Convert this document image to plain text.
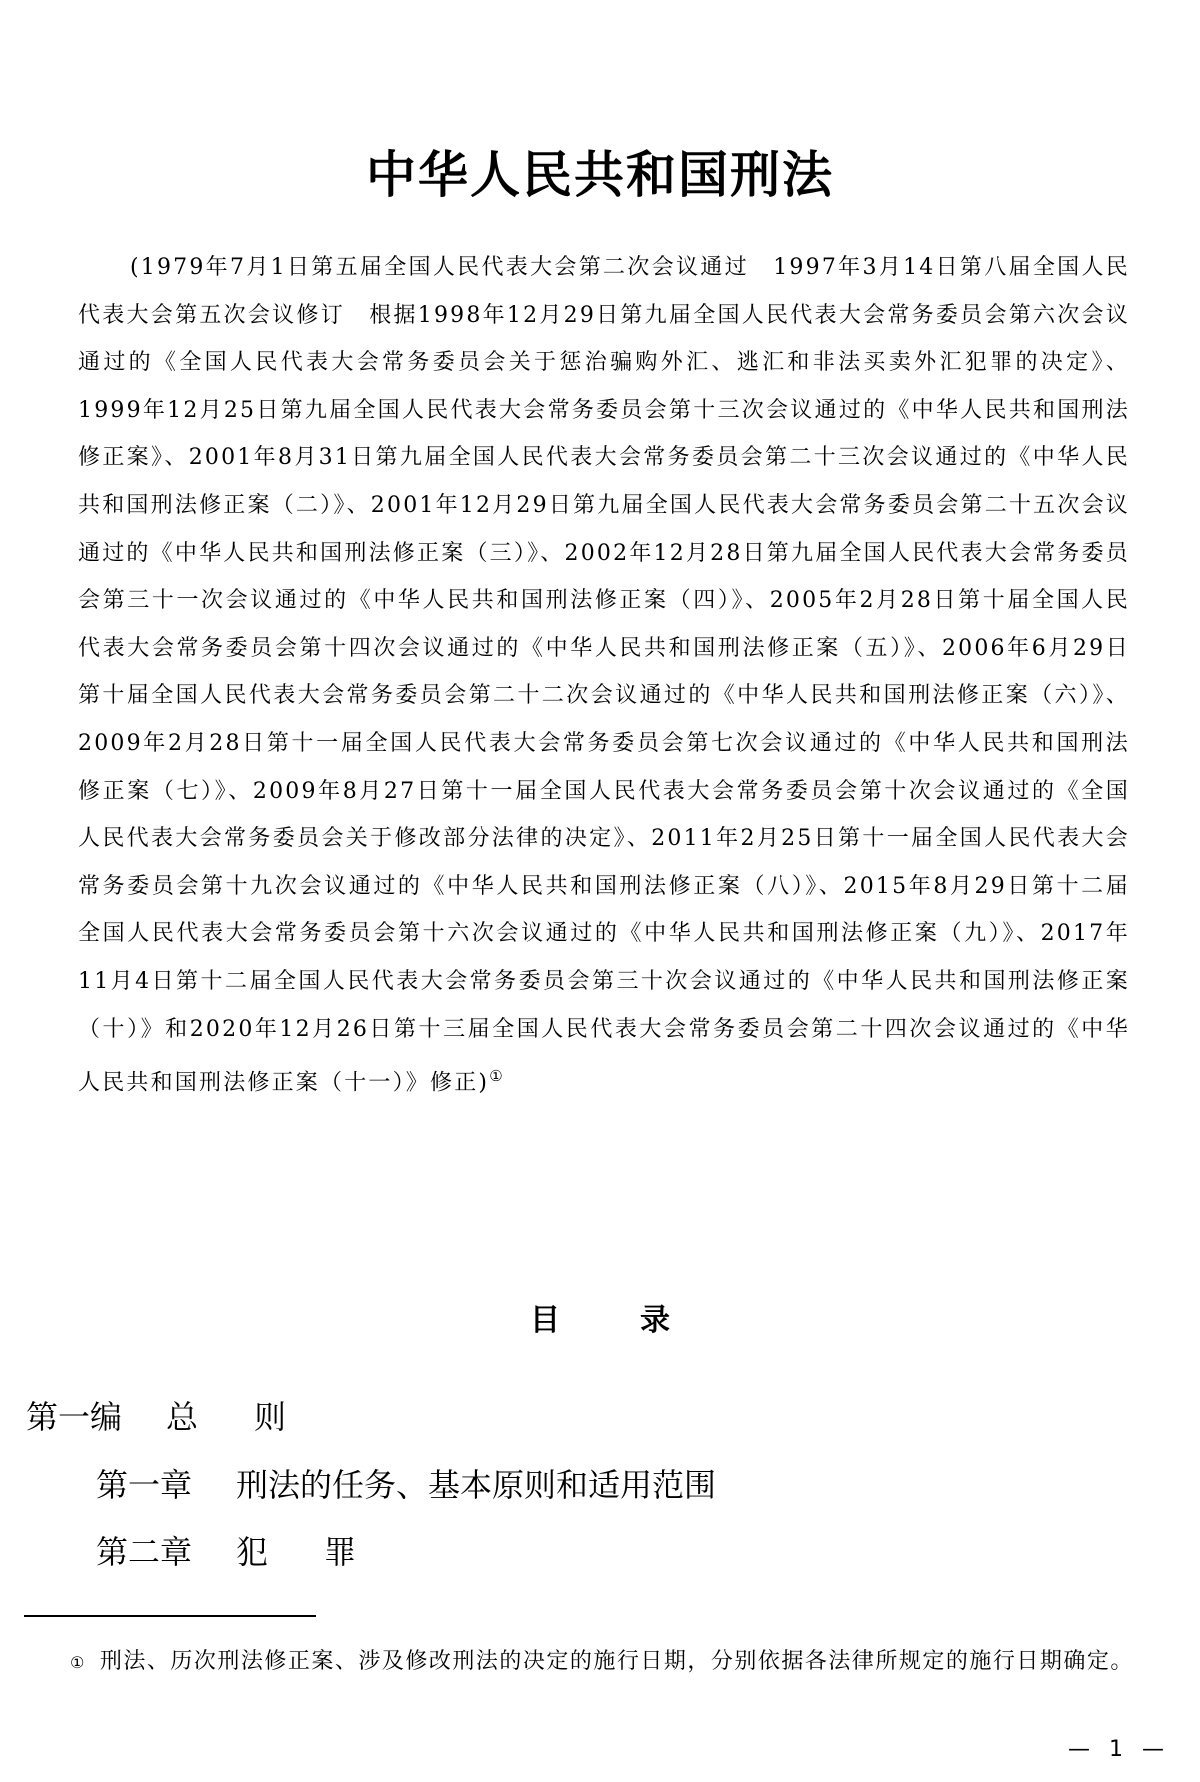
中华人民共和国刑法

(1979年7月1日第五届全国人民代表大会第二次会议通过　1997年3月14日第八届全国人民代表大会第五次会议修订　根据1998年12月29日第九届全国人民代表大会常务委员会第六次会议通过的《全国人民代表大会常务委员会关于惩治骗购外汇、逃汇和非法买卖外汇犯罪的决定》、1999年12月25日第九届全国人民代表大会常务委员会第十三次会议通过的《中华人民共和国刑法修正案》、2001年8月31日第九届全国人民代表大会常务委员会第二十三次会议通过的《中华人民共和国刑法修正案（二）》、2001年12月29日第九届全国人民代表大会常务委员会第二十五次会议通过的《中华人民共和国刑法修正案（三）》、2002年12月28日第九届全国人民代表大会常务委员会第三十一次会议通过的《中华人民共和国刑法修正案（四）》、2005年2月28日第十届全国人民代表大会常务委员会第十四次会议通过的《中华人民共和国刑法修正案（五）》、2006年6月29日第十届全国人民代表大会常务委员会第二十二次会议通过的《中华人民共和国刑法修正案（六）》、2009年2月28日第十一届全国人民代表大会常务委员会第七次会议通过的《中华人民共和国刑法修正案（七）》、2009年8月27日第十一届全国人民代表大会常务委员会第十次会议通过的《全国人民代表大会常务委员会关于修改部分法律的决定》、2011年2月25日第十一届全国人民代表大会常务委员会第十九次会议通过的《中华人民共和国刑法修正案（八）》、2015年8月29日第十二届全国人民代表大会常务委员会第十六次会议通过的《中华人民共和国刑法修正案（九）》、2017年11月4日第十二届全国人民代表大会常务委员会第三十次会议通过的《中华人民共和国刑法修正案（十）》和2020年12月26日第十三届全国人民代表大会常务委员会第二十四次会议通过的《中华人民共和国刑法修正案（十一）》修正)①

目	录
第一编 总则
第一章 刑法的任务、基本原则和适用范围
第二章 犯罪

① 刑法、历次刑法修正案、涉及修改刑法的决定的施行日期，分别依据各法律所规定的施行日期确定。

— 1 —
